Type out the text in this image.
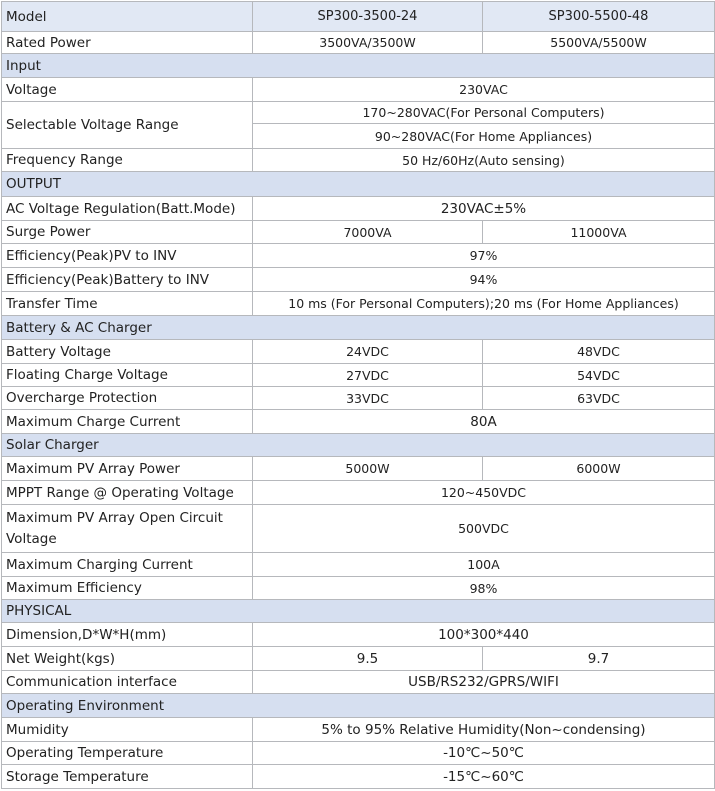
Model	SP300-3500-24	SP300-5500-48
Rated Power	3500VA/3500W	5500VA/5500W
Input		
Voltage	230VAC	
Selectable Voltage Range	170~280VAC(For Personal Computers)	
	90~280VAC(For Home Appliances)	
Frequency Range	50 Hz/60Hz(Auto sensing)	
OUTPUT		
AC Voltage Regulation(Batt.Mode)	230VAC±5%	
Surge Power	7000VA	11000VA
Efficiency(Peak)PV to INV	97%	
Efficiency(Peak)Battery to INV	94%	
Transfer Time	10 ms (For Personal Computers);20 ms (For Home Appliances)	
Battery & AC Charger		
Battery Voltage	24VDC	48VDC
Floating Charge Voltage	27VDC	54VDC
Overcharge Protection	33VDC	63VDC
Maximum Charge Current	80A	
Solar Charger		
Maximum PV Array Power	5000W	6000W
MPPT Range @ Operating Voltage	120~450VDC	
Maximum PV Array Open Circuit Voltage	500VDC	
Maximum Charging Current	100A	
Maximum Efficiency	98%	
PHYSICAL		
Dimension,D*W*H(mm)	100*300*440	
Net Weight(kgs)	9.5	9.7
Communication interface	USB/RS232/GPRS/WIFI	
Operating Environment		
Mumidity	5% to 95% Relative Humidity(Non~condensing)	
Operating Temperature	-10℃~50℃	
Storage Temperature	-15℃~60℃	
